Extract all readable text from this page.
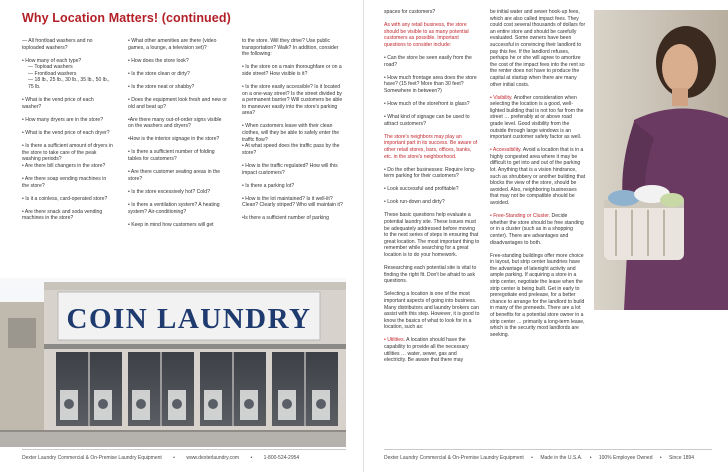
Why Location Matters! (continued)

— All frontload washers and no toploaded washers?

• How many of each type?

— Topload washers

— Frontload washers

— 18 lb., 25 lb., 30 lb., 35 lb., 50 lb., 75 lb.

• What is the vend price of each washer?

• How many dryers are in the store?

• What is the vend price of each dryer?

• Is there a sufficient amount of dryers in the store to take care of the peak washing periods?

• Are there bill changers in the store?

• Are there soap vending machines in the store?

• Is it a coinless, card-operated store?

• Are there snack and soda vending machines in the store?

• What other amenities are there (video games, a lounge, a television set)?

• How does the store look?

• Is the store clean or dirty?

• Is the store neat or shabby?

• Does the equipment look fresh and new or old and beat up?

•Are there many out-of-order signs visible on the washers and dryers?

•How is the interior signage in the store?

• Is there a sufficient number of folding tables for customers?

• Are there customer seating areas in the store?

• Is the store excessively hot? Cold?

• Is there a ventilation system? A heating system? Air-conditioning?

• Keep in mind how customers will get

to the store. Will they drive? Use public transportation? Walk? In addition, consider the following:

• Is the store on a main thoroughfare or on a side street? How visible is it?

• Is the store easily accessible? Is it located on a one-way street? Is the street divided by a permanent barrier? Will customers be able to maneuver easily into the store's parking area?

• When customers leave with their clean clothes, will they be able to safely enter the traffic flow?

• At what speed does the traffic pass by the store?

• How is the traffic regulated? How will this impact customers?

• Is there a parking lot?

• How is the lot maintained? Is it well-lit? Clean? Clearly striped? Who will maintain it?

•Is there a sufficient number of parking

COIN LAUNDRY
Dexter Laundry Commercial & On-Premise Laundry Equipment • www.dexterlaundry.com • 1-800-524-2954

spaces for customers?

As with any retail business, the store should be visible to as many potential customers as possible. Important questions to consider include:

• Can the store be seen easily from the road?

• How much frontage area does the store have? (15 feet? More than 30 feet? Somewhere in between?)

• How much of the storefront is glass?

• What kind of signage can be used to attract customers?

The store's neighbors may play an important part in its success. Be aware of other retail stores, bars, offices, banks, etc. in the store's neighborhood.

• Do the other businesses: Require long-term parking for their customers?

• Look successful and profitable?

• Look run-down and dirty?

These basic questions help evaluate a potential laundry site. These issues must be adequately addressed before moving to the next series of steps in ensuring that great location. The most important thing to remember while searching for a great location is to do your homework.

Researching each potential site is vital to finding the right fit. Don't be afraid to ask questions.

Selecting a location is one of the most important aspects of going into business. Many distributors and laundry brokers can assist with this step. However, it is good to know the basics of what to look for in a location, such as:

• Utilities. A location should have the capability to provide all the necessary utilities … water, sewer, gas and electricity. Be aware that there may

be initial water and sewer hook-up fees, which are also called impact fees. They could cost several thousands of dollars for an entire store and should be carefully evaluated. Some owners have been successful in convincing their landlord to pay this fee. If the landlord refuses, perhaps he or she will agree to amortize the cost of the impact fees into the rent so the renter does not have to produce the capital at startup when there are many other initial costs.

• Visibility. Another consideration when selecting the location is a good, well-lighted building that is not too far from the street … preferably at or above road grade level. Good visibility from the outside through large windows is an important customer safety factor as well.

• Accessibility. Avoid a location that is in a highly congested area where it may be difficult to get into and out of the parking lot. Anything that is a vision hindrance, such as shrubbery or another building that blocks the view of the store, should be avoided. Also, neighboring businesses that may not be compatible should be avoided.

• Free-Standing or Cluster. Decide whether the store should be free standing or in a cluster (such as in a shopping center). There are advantages and disadvantages to both.

Free-standing buildings offer more choice in layout, but strip center laundries have the advantage of latenight activity and ample parking. If acquiring a store in a strip center, negotiate the lease when the strip center is being built. Get in early to preregotiate end prelease, for a better chance to arrange for the landlord to build in many of the preneeds. There are a lot of benefits for a potential store owner in a strip center … primarily a long-term lease, which is the security most landlords are seeking.

Dexter Laundry Commercial & On-Premise Laundry Equipment • Made in the U.S.A. • 100% Employee Owned • Since 1894
